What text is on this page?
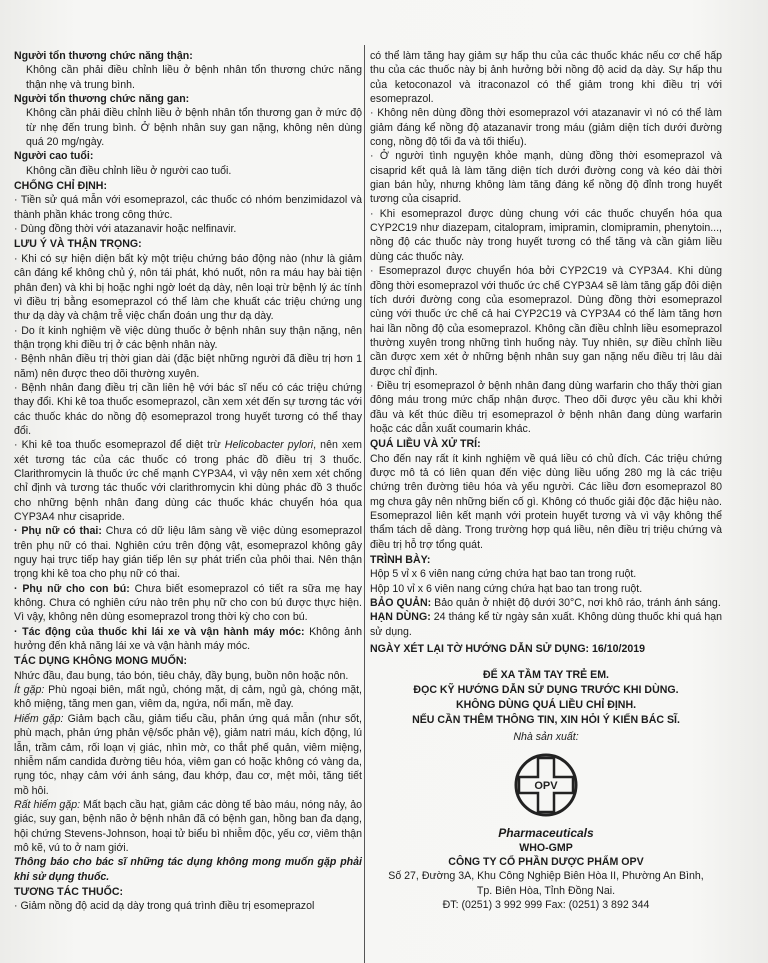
Người tổn thương chức năng thận:

Không cần phải điều chỉnh liều ở bệnh nhân tổn thương chức năng thận nhẹ và trung bình.

Người tổn thương chức năng gan:

Không cần phải điều chỉnh liều ở bệnh nhân tổn thương gan ở mức độ từ nhẹ đến trung bình. Ở bệnh nhân suy gan nặng, không nên dùng quá 20 mg/ngày.

Người cao tuổi:

Không cần điều chỉnh liều ở người cao tuổi.

CHỐNG CHỈ ĐỊNH:

· Tiền sử quá mẫn với esomeprazol, các thuốc có nhóm benzimidazol và thành phần khác trong công thức.

· Dùng đồng thời với atazanavir hoặc nelfinavir.

LƯU Ý VÀ THẬN TRỌNG:

· Khi có sự hiện diện bất kỳ một triệu chứng báo động nào (như là giảm cân đáng kể không chủ ý, nôn tái phát, khó nuốt, nôn ra máu hay bài tiện phân đen) và khi bị hoặc nghi ngờ loét dạ dày, nên loại trừ bệnh lý ác tính vì điều trị bằng esomeprazol có thể làm che khuất các triệu chứng ung thư dạ dày và chậm trễ việc chẩn đoán ung thư dạ dày.

· Do ít kinh nghiệm về việc dùng thuốc ở bệnh nhân suy thận nặng, nên thận trọng khi điều trị ở các bệnh nhân này.

· Bệnh nhân điều trị thời gian dài (đặc biệt những người đã điều trị hơn 1 năm) nên được theo dõi thường xuyên.

· Bệnh nhân đang điều trị cần liên hệ với bác sĩ nếu có các triệu chứng thay đổi. Khi kê toa thuốc esomeprazol, cần xem xét đến sự tương tác với các thuốc khác do nồng độ esomeprazol trong huyết tương có thể thay đổi.

· Khi kê toa thuốc esomeprazol để diệt trừ Helicobacter pylori, nên xem xét tương tác của các thuốc có trong phác đồ điều trị 3 thuốc. Clarithromycin là thuốc ức chế mạnh CYP3A4, vì vậy nên xem xét chống chỉ định và tương tác thuốc với clarithromycin khi dùng phác đồ 3 thuốc cho những bệnh nhân đang dùng các thuốc khác chuyển hóa qua CYP3A4 như cisapride.

· Phụ nữ có thai: Chưa có dữ liệu lâm sàng về việc dùng esomeprazol trên phụ nữ có thai. Nghiên cứu trên động vật, esomeprazol không gây nguy hại trực tiếp hay gián tiếp lên sự phát triển của phôi thai. Nên thận trọng khi kê toa cho phụ nữ có thai.

· Phụ nữ cho con bú: Chưa biết esomeprazol có tiết ra sữa mẹ hay không. Chưa có nghiên cứu nào trên phụ nữ cho con bú được thực hiện. Vì vậy, không nên dùng esomeprazol trong thời kỳ cho con bú.

· Tác động của thuốc khi lái xe và vận hành máy móc: Không ảnh hưởng đến khả năng lái xe và vận hành máy móc.

TÁC DỤNG KHÔNG MONG MUỐN:

Nhức đầu, đau bụng, táo bón, tiêu chảy, đầy bụng, buồn nôn hoặc nôn.

Ít gặp: Phù ngoại biên, mất ngủ, chóng mặt, dị cảm, ngủ gà, chóng mặt, khô miệng, tăng men gan, viêm da, ngứa, nổi mẩn, mề đay.

Hiếm gặp: Giảm bạch cầu, giảm tiểu cầu, phản ứng quá mẫn (như sốt, phù mạch, phản ứng phản vệ/sốc phản vệ), giảm natri máu, kích động, lú lẫn, trầm cảm, rối loạn vị giác, nhìn mờ, co thắt phế quản, viêm miệng, nhiễm nấm candida đường tiêu hóa, viêm gan có hoặc không có vàng da, rụng tóc, nhạy cảm với ánh sáng, đau khớp, đau cơ, mệt mỏi, tăng tiết mồ hôi.

Rất hiếm gặp: Mất bạch cầu hạt, giảm các dòng tế bào máu, nóng nảy, ảo giác, suy gan, bệnh não ở bệnh nhân đã có bệnh gan, hồng ban đa dạng, hội chứng Stevens-Johnson, hoại tử biểu bì nhiễm độc, yếu cơ, viêm thận mô kẽ, vú to ở nam giới.

Thông báo cho bác sĩ những tác dụng không mong muốn gặp phải khi sử dụng thuốc.

TƯƠNG TÁC THUỐC:

· Giảm nồng độ acid dạ dày trong quá trình điều trị esomeprazol

có thể làm tăng hay giảm sự hấp thu của các thuốc khác nếu cơ chế hấp thu của các thuốc này bị ảnh hưởng bởi nồng độ acid dạ dày. Sự hấp thu của ketoconazol và itraconazol có thể giảm trong khi điều trị với esomeprazol.

· Không nên dùng đồng thời esomeprazol với atazanavir vì nó có thể làm giảm đáng kể nồng độ atazanavir trong máu (giảm diện tích dưới đường cong, nồng độ tối đa và tối thiểu).

· Ở người tình nguyện khỏe mạnh, dùng đồng thời esomeprazol và cisaprid kết quả là làm tăng diện tích dưới đường cong và kéo dài thời gian bán hủy, nhưng không làm tăng đáng kể nồng độ đỉnh trong huyết tương của cisaprid.

· Khi esomeprazol được dùng chung với các thuốc chuyển hóa qua CYP2C19 như diazepam, citalopram, imipramin, clomipramin, phenytoin..., nồng độ các thuốc này trong huyết tương có thể tăng và cần giảm liều dùng các thuốc này.

· Esomeprazol được chuyển hóa bởi CYP2C19 và CYP3A4. Khi dùng đồng thời esomeprazol với thuốc ức chế CYP3A4 sẽ làm tăng gấp đôi diện tích dưới đường cong của esomeprazol. Dùng đồng thời esomeprazol cùng với thuốc ức chế cả hai CYP2C19 và CYP3A4 có thể làm tăng hơn hai lần nồng độ của esomeprazol. Không cần điều chỉnh liều esomeprazol thường xuyên trong những tình huống này. Tuy nhiên, sự điều chỉnh liều cần được xem xét ở những bệnh nhân suy gan nặng nếu điều trị lâu dài được chỉ định.

· Điều trị esomeprazol ở bệnh nhân đang dùng warfarin cho thấy thời gian đông máu trong mức chấp nhận được. Theo dõi được yêu cầu khi khởi đầu và kết thúc điều trị esomeprazol ở bệnh nhân đang dùng warfarin hoặc các dẫn xuất coumarin khác.

QUÁ LIỀU VÀ XỬ TRÍ:

Cho đến nay rất ít kinh nghiệm về quá liều có chủ đích. Các triệu chứng được mô tả có liên quan đến việc dùng liều uống 280 mg là các triệu chứng trên đường tiêu hóa và yếu người. Các liều đơn esomeprazol 80 mg chưa gây nên những biến cố gì. Không có thuốc giải độc đặc hiệu nào. Esomeprazol liên kết mạnh với protein huyết tương và vì vậy không thể thẩm tách dễ dàng. Trong trường hợp quá liều, nên điều trị triệu chứng và điều trị hỗ trợ tổng quát.

TRÌNH BÀY:

Hộp 5 vỉ x 6 viên nang cứng chứa hạt bao tan trong ruột.

Hộp 10 vỉ x 6 viên nang cứng chứa hạt bao tan trong ruột.

BẢO QUẢN: Bảo quản ở nhiệt độ dưới 30°C, nơi khô ráo, tránh ánh sáng.

HẠN DÙNG: 24 tháng kể từ ngày sản xuất. Không dùng thuốc khi quá hạn sử dụng.

NGÀY XÉT LẠI TỜ HƯỚNG DẪN SỬ DỤNG: 16/10/2019

ĐỂ XA TẦM TAY TRẺ EM.
ĐỌC KỸ HƯỚNG DẪN SỬ DỤNG TRƯỚC KHI DÙNG.
KHÔNG DÙNG QUÁ LIỀU CHỈ ĐỊNH.
NẾU CẦN THÊM THÔNG TIN, XIN HỎI Ý KIẾN BÁC SĨ.

Nhà sản xuất:

OPV

Pharmaceuticals

WHO-GMP

CÔNG TY CỔ PHẦN DƯỢC PHẨM OPV

Số 27, Đường 3A, Khu Công Nghiệp Biên Hòa II, Phường An Bình,

Tp. Biên Hòa, Tỉnh Đồng Nai.

ĐT: (0251) 3 992 999 Fax: (0251) 3 892 344
